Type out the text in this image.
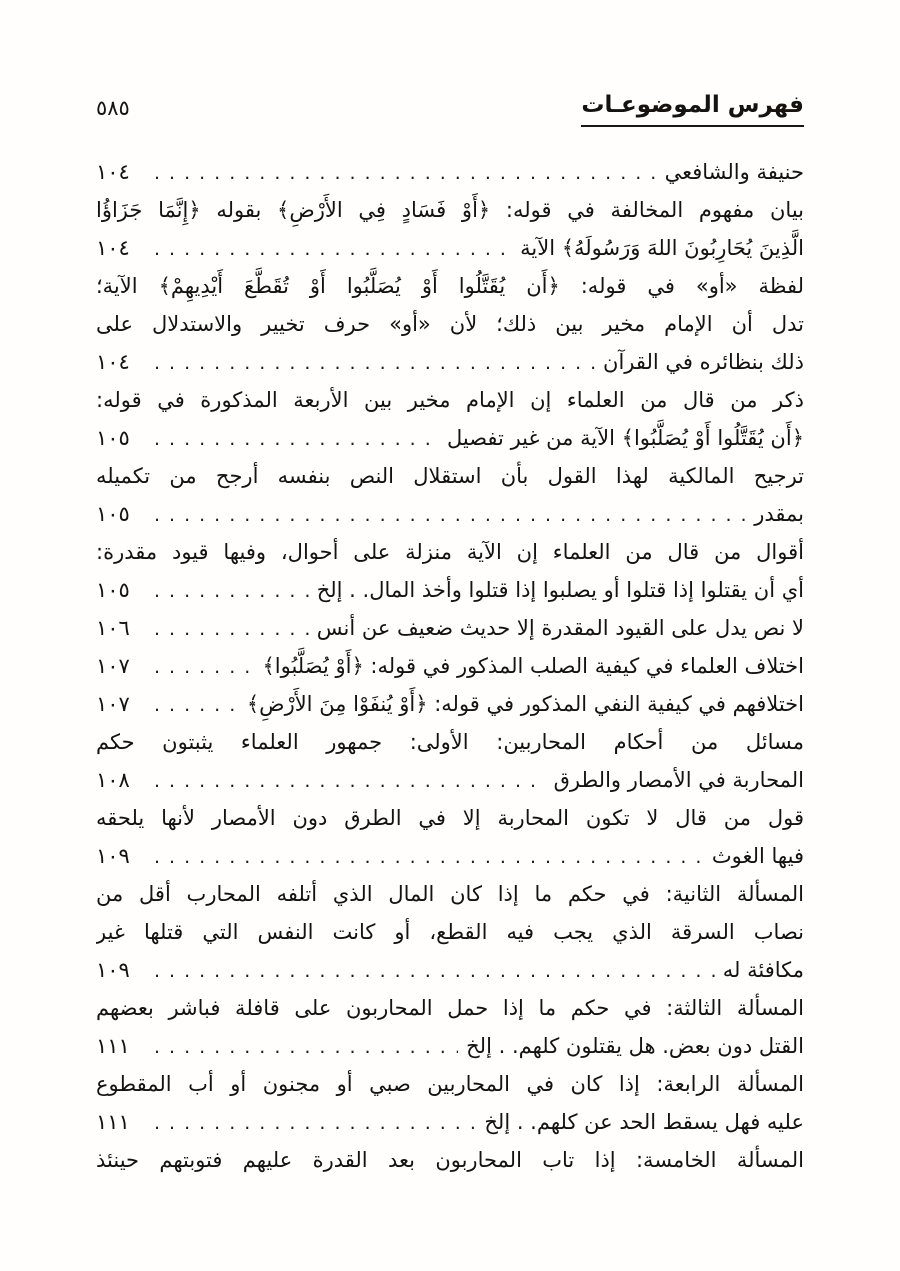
فهرس الموضوعـات
٥٨٥
حنيفة والشافعي
.....
١٠٤
بيان مفهوم المخالفة في قوله: ﴿أَوْ فَسَادٍ فِي الأَرْضِ﴾ بقوله ﴿إِنَّمَا جَزَاؤُا
الَّذِينَ يُحَارِبُونَ اللهَ وَرَسُولَهُ﴾ الآية
.....
١٠٤
لفظة «أو» في قوله: ﴿أَن يُقَتَّلُوا أَوْ يُصَلَّبُوا أَوْ تُقَطَّعَ أَيْدِيهِمْ﴾ الآية؛
تدل أن الإمام مخير بين ذلك؛ لأن «أو» حرف تخيير والاستدلال على
ذلك بنظائره في القرآن
.....
١٠٤
ذكر من قال من العلماء إن الإمام مخير بين الأربعة المذكورة في قوله:
﴿أَن يُقَتَّلُوا أَوْ يُصَلَّبُوا﴾ الآية من غير تفصيل
.....
١٠٥
ترجيح المالكية لهذا القول بأن استقلال النص بنفسه أرجح من تكميله
بمقدر
.....
١٠٥
أقوال من قال من العلماء إن الآية منزلة على أحوال، وفيها قيود مقدرة:
أي أن يقتلوا إذا قتلوا أو يصلبوا إذا قتلوا وأخذ المال. . إلخ
.....
١٠٥
لا نص يدل على القيود المقدرة إلا حديث ضعيف عن أنس
.....
١٠٦
اختلاف العلماء في كيفية الصلب المذكور في قوله: ﴿أَوْ يُصَلَّبُوا﴾
.....
١٠٧
اختلافهم في كيفية النفي المذكور في قوله: ﴿أَوْ يُنفَوْا مِنَ الأَرْضِ﴾
.....
١٠٧
مسائل من أحكام المحاربين: الأولى: جمهور العلماء يثبتون حكم
المحاربة في الأمصار والطرق
.....
١٠٨
قول من قال لا تكون المحاربة إلا في الطرق دون الأمصار لأنها يلحقه
فيها الغوث
.....
١٠٩
المسألة الثانية: في حكم ما إذا كان المال الذي أتلفه المحارب أقل من
نصاب السرقة الذي يجب فيه القطع، أو كانت النفس التي قتلها غير
مكافئة له
.....
١٠٩
المسألة الثالثة: في حكم ما إذا حمل المحاربون على قافلة فباشر بعضهم
القتل دون بعض. هل يقتلون كلهم. . إلخ
.....
١١١
المسألة الرابعة: إذا كان في المحاربين صبي أو مجنون أو أب المقطوع
عليه فهل يسقط الحد عن كلهم. . إلخ
.....
١١١
المسألة الخامسة: إذا تاب المحاربون بعد القدرة عليهم فتوبتهم حينئذ
